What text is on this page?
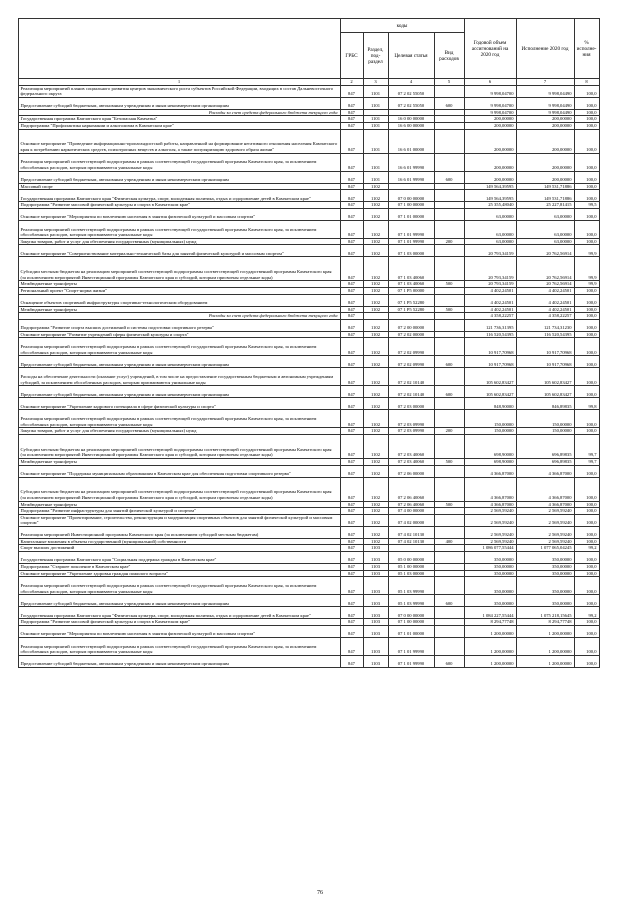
		коды				Годовой объем ассигнований на 2020 год	Исполнение 2020 год	% исполне-ния	
		ГРБС	Раздел, под-раздел	Целевая статья	Вид расходов				
	1	2	3	4	5	6	7	8	
	Реализация мероприятий планов социального развития центров экономического роста субъектов Российской Федерации, входящих в состав Дальневосточного федерального округа	847	1101	07 2 02 55050		9 998,04700	9 998,04490	100,0	
	Предоставление субсидий бюджетным, автономным учреждениям и иным некоммерческим организациям	847	1101	07 2 02 55050	600	9 998,04700	9 998,04490	100,0	
	Расходы за счет средств федерального бюджета текущего года	847				9 998,04700	9 998,04490	100,0	
	Государственная программа Камчатского края "Безопасная Камчатка"	847	1101	16 0 00 00000		200,00000	200,00000	100,0	
	Подпрограмма "Профилактика наркомании и алкоголизма в Камчатском крае"	847	1101	16 6 00 00000		200,00000	200,00000	100,0	
	Основное мероприятие "Проведение информационно-пропагандистской работы, направленной на формирование негативного отношения населения Камчатского края к потреблению наркотических средств, психотропных веществ и алкоголя, а также популяризацию здорового образа жизни"	847	1101	16 6 01 00000		200,00000	200,00000	100,0	
	Реализация мероприятий соответствующей подпрограммы в рамках соответствующей государственной программы Камчатского края, за исключением обособленных расходов, которым присваиваются уникальные коды	847	1101	16 6 01 99990		200,00000	200,00000	100,0	
	Предоставление субсидий бюджетным, автономным учреждениям и иным некоммерческим организациям	847	1101	16 6 01 99990	600	200,00000	200,00000	100,0	
	Массовый спорт	847	1102			149 564,39595	149 531,71886	100,0	
	Государственная программа Камчатского края "Физическая культура, спорт, молодежная политика, отдых и оздоровление детей в Камчатском крае"	847	1102	07 0 00 00000		149 564,39595	149 531,71886	100,0	
	Подпрограмма "Развитие массовой физической культуры и спорта в Камчатском крае"	847	1102	07 1 00 00000		25 355,48040	25 227,81415	99,5	
	Основное мероприятие "Мероприятия по вовлечению населения в занятия физической культурой и массовым спортом"	847	1102	07 1 01 00000		63,00000	63,00000	100,0	
	Реализация мероприятий соответствующей подпрограммы в рамках соответствующей государственной программы Камчатского края, за исключением обособленных расходов, которым присваиваются уникальные коды	847	1102	07 1 01 99990		63,00000	63,00000	100,0	
	Закупка товаров, работ и услуг для обеспечения государственных (муниципальных) нужд	847	1102	07 1 01 99990	200	63,00000	63,00000	100,0	
	Основное мероприятие "Совершенствование материально-технической базы для занятий физической культурой и массовым спортом"	847	1102	07 1 03 00000		20 793,34159	20 762,56914	99,9	
	Субсидии местным бюджетам на реализацию мероприятий соответствующей подпрограммы соответствующей государственной программы Камчатского края (за исключением мероприятий Инвестиционной программы Камчатского края и субсидий, которым присвоены отдельные коды)	847	1102	07 1 03 40060		20 793,34159	20 762,56914	99,9	
	Межбюджетные трансферты	847	1102	07 1 03 40060	500	20 793,34159	20 762,56914	99,9	
	Региональный проект "Спорт-норма жизни"	847	1102	07 1 P5 00000		4 402,24501	4 402,24501	100,0	
	Оснащение объектов спортивной инфраструктуры спортивно-технологическим оборудованием	847	1102	07 1 P5 52280		4 402,24501	4 402,24501	100,0	
	Межбюджетные трансферты	847	1102	07 1 P5 52280	500	4 402,24501	4 402,24501	100,0	
	Расходы за счет средств федерального бюджета текущего года	847				4 358,22257	4 358,22257	100,0	
	Подпрограмма "Развитие спорта высших достижений и системы подготовки спортивного резерва"	847	1102	07 2 00 00000		121 736,31395	121 734,31230	100,0	
	Основное мероприятие "Развитие учреждений сферы физической культуры и спорта"	847	1102	07 2 02 00000		116 520,54395	116 520,54395	100,0	
	Реализация мероприятий соответствующей подпрограммы в рамках соответствующей государственной программы Камчатского края, за исключением обособленных расходов, которым присваиваются уникальные коды	847	1102	07 2 02 09990		10 917,70968	10 917,70968	100,0	
	Предоставление субсидий бюджетным, автономным учреждениям и иным некоммерческим организациям	847	1102	07 2 02 09990	600	10 917,70968	10 917,70968	100,0	
	Расходы на обеспечение деятельности (оказание услуг) учреждений, в том числе на предоставление государственным бюджетным и автономным учреждениям субсидий, за исключением обособленных расходов, которым присваиваются уникальные коды	847	1102	07 2 02 10140		105 602,83427	105 602,83427	100,0	
	Предоставление субсидий бюджетным, автономным учреждениям и иным некоммерческим организациям	847	1102	07 2 02 10140	600	105 602,83427	105 602,83427	100,0	
	Основное мероприятие "Укрепление кадрового потенциала в сфере физической культуры и спорта"	847	1102	07 2 03 00000		848,90000	846,89835	99,8	
	Реализация мероприятий соответствующей подпрограммы в рамках соответствующей государственной программы Камчатского края, за исключением обособленных расходов, которым присваиваются уникальные коды	847	1102	07 2 03 09990		150,00000	150,00000	100,0	
	Закупка товаров, работ и услуг для обеспечения государственных (муниципальных) нужд	847	1102	07 2 03 09990	200	150,00000	150,00000	100,0	
	Субсидии местным бюджетам на реализацию мероприятий соответствующей подпрограммы соответствующей государственной программы Камчатского края (за исключением мероприятий Инвестиционной программы Камчатского края и субсидий, которым присвоены отдельные коды)	847	1102	07 2 03 40060		698,90000	696,89835	99,7	
	Межбюджетные трансферты	847	1102	07 2 03 40060	500	698,90000	696,89835	99,7	
	Основное мероприятие "Поддержка муниципальным образованиям в Камчатском крае для обеспечения подготовки спортивного резерва"	847	1102	07 2 06 00000		4 366,87000	4 366,87000	100,0	
	Субсидии местным бюджетам на реализацию мероприятий соответствующей подпрограммы соответствующей государственной программы Камчатского края (за исключением мероприятий Инвестиционной программы Камчатского края и субсидий, которым присвоены отдельные коды)	847	1102	07 2 06 40060		4 366,87000	4 366,87000	100,0	
	Межбюджетные трансферты	847	1102	07 2 06 40060	500	4 366,87000	4 366,87000	100,0	
	Подпрограмма "Развитие инфраструктуры для занятий физической культурой и спортом"	847	1102	07 4 00 00000		2 569,59240	2 569,59240	100,0	
	Основное мероприятие "Проектирование, строительство, реконструкция и модернизация спортивных объектов для занятий физической культурой и массовым спортом"	847	1102	07 4 02 00000		2 569,59240	2 569,59240	100,0	
	Реализация мероприятий Инвестиционной программы Камчатского края (за исключением субсидий местным бюджетам)	847	1102	07 4 02 10130		2 569,59240	2 569,59240	100,0	
	Капитальные вложения в объекты государственной (муниципальной) собственности	847	1102	07 4 02 10130	400	2 569,59240	2 569,59240	100,0	
	Спорт высших достижений	847	1103			1 086 077,55444	1 077 065,04245	99,2	
	Государственная программа Камчатского края "Социальная поддержка граждан в Камчатском крае"	847	1103	05 0 00 00000		350,00000	350,00000	100,0	
	Подпрограмма "Старшее поколение в Камчатском крае"	847	1103	05 1 00 00000		350,00000	350,00000	100,0	
	Основное мероприятие "Укрепление здоровья граждан пожилого возраста"	847	1103	05 1 03 00000		350,00000	350,00000	100,0	
	Реализация мероприятий соответствующей подпрограммы в рамках соответствующей государственной программы Камчатского края, за исключением обособленных расходов, которым присваиваются уникальные коды	847	1103	05 1 03 99990		350,00000	350,00000	100,0	
	Предоставление субсидий бюджетным, автономным учреждениям и иным некоммерческим организациям	847	1103	05 1 03 99990	600	350,00000	350,00000	100,0	
	Государственная программа Камчатского края "Физическая культура, спорт, молодежная политика, отдых и оздоровление детей в Камчатском крае"	847	1103	07 0 00 00000		1 084 227,55444	1 075 218,15645	99,2	
	Подпрограмма "Развитие массовой физической культуры и спорта в Камчатском крае"	847	1103	07 1 00 00000		8 294,77748	8 294,77748	100,0	
	Основное мероприятие "Мероприятия по вовлечению населения в занятия физической культурой и массовым спортом"	847	1103	07 1 01 00000		1 200,00000	1 200,00000	100,0	
	Реализация мероприятий соответствующей подпрограммы в рамках соответствующей государственной программы Камчатского края, за исключением обособленных расходов, которым присваиваются уникальные коды	847	1103	07 1 01 99990		1 200,00000	1 200,00000	100,0	
	Предоставление субсидий бюджетным, автономным учреждениям и иным некоммерческим организациям	847	1103	07 1 01 99990	600	1 200,00000	1 200,00000	100,0	
76
